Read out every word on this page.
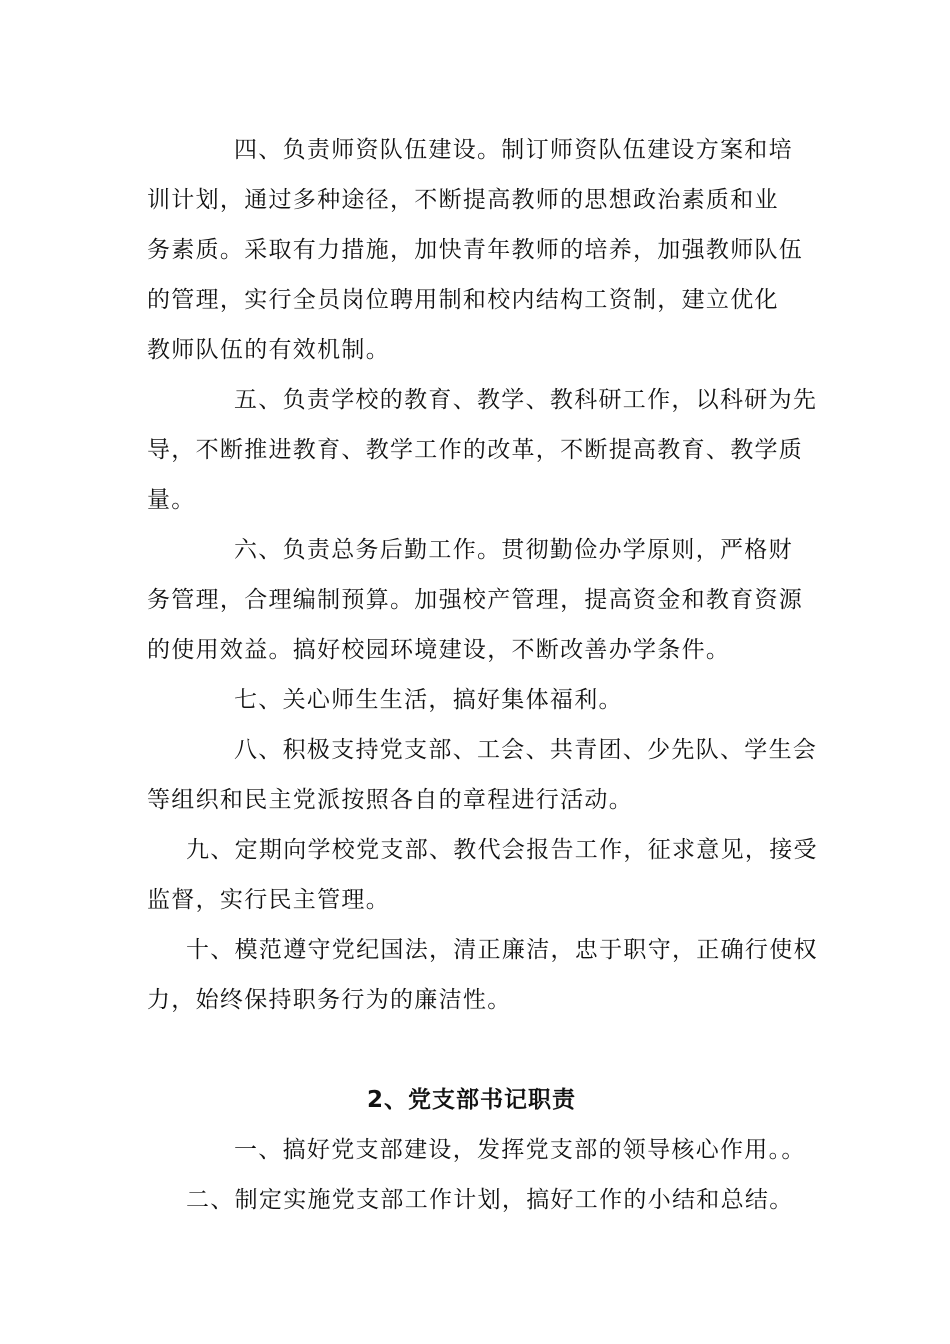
四、负责师资队伍建设。制订师资队伍建设方案和培
训计划，通过多种途径，不断提高教师的思想政治素质和业
务素质。采取有力措施，加快青年教师的培养，加强教师队伍
的管理，实行全员岗位聘用制和校内结构工资制，建立优化
教师队伍的有效机制。
五、负责学校的教育、教学、教科研工作，以科研为先
导，不断推进教育、教学工作的改革，不断提高教育、教学质
量。
六、负责总务后勤工作。贯彻勤俭办学原则，严格财
务管理，合理编制预算。加强校产管理，提高资金和教育资源
的使用效益。搞好校园环境建设，不断改善办学条件。
七、关心师生生活，搞好集体福利。
八、积极支持党支部、工会、共青团、少先队、学生会
等组织和民主党派按照各自的章程进行活动。
九、定期向学校党支部、教代会报告工作，征求意见，接受
监督，实行民主管理。
十、模范遵守党纪国法，清正廉洁，忠于职守，正确行使权
力，始终保持职务行为的廉洁性。
2、党支部书记职责
一、搞好党支部建设，发挥党支部的领导核心作用。。
二、制定实施党支部工作计划，搞好工作的小结和总结。
